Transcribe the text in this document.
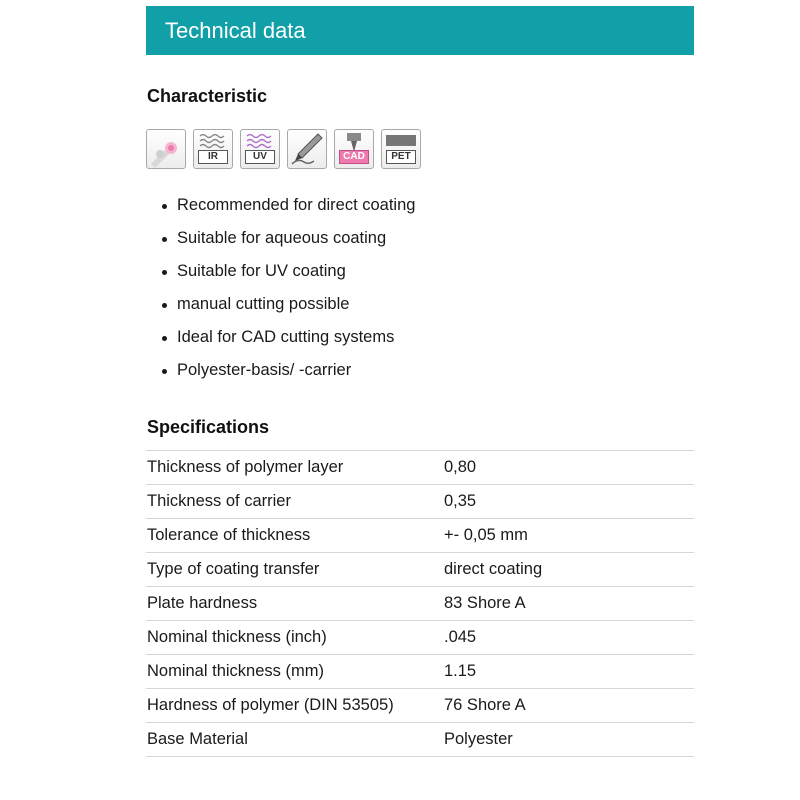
Technical data
Characteristic
IR	UV	CAD	PET
Recommended for direct coating
Suitable for aqueous coating
Suitable for UV coating
manual cutting possible
Ideal for CAD cutting systems
Polyester-basis/ -carrier
Specifications
Thickness of polymer layer	0,80
Thickness of carrier	0,35
Tolerance of thickness	+- 0,05 mm
Type of coating transfer	direct coating
Plate hardness	83 Shore A
Nominal thickness (inch)	.045
Nominal thickness (mm)	1.15
Hardness of polymer (DIN 53505)	76 Shore A
Base Material	Polyester
